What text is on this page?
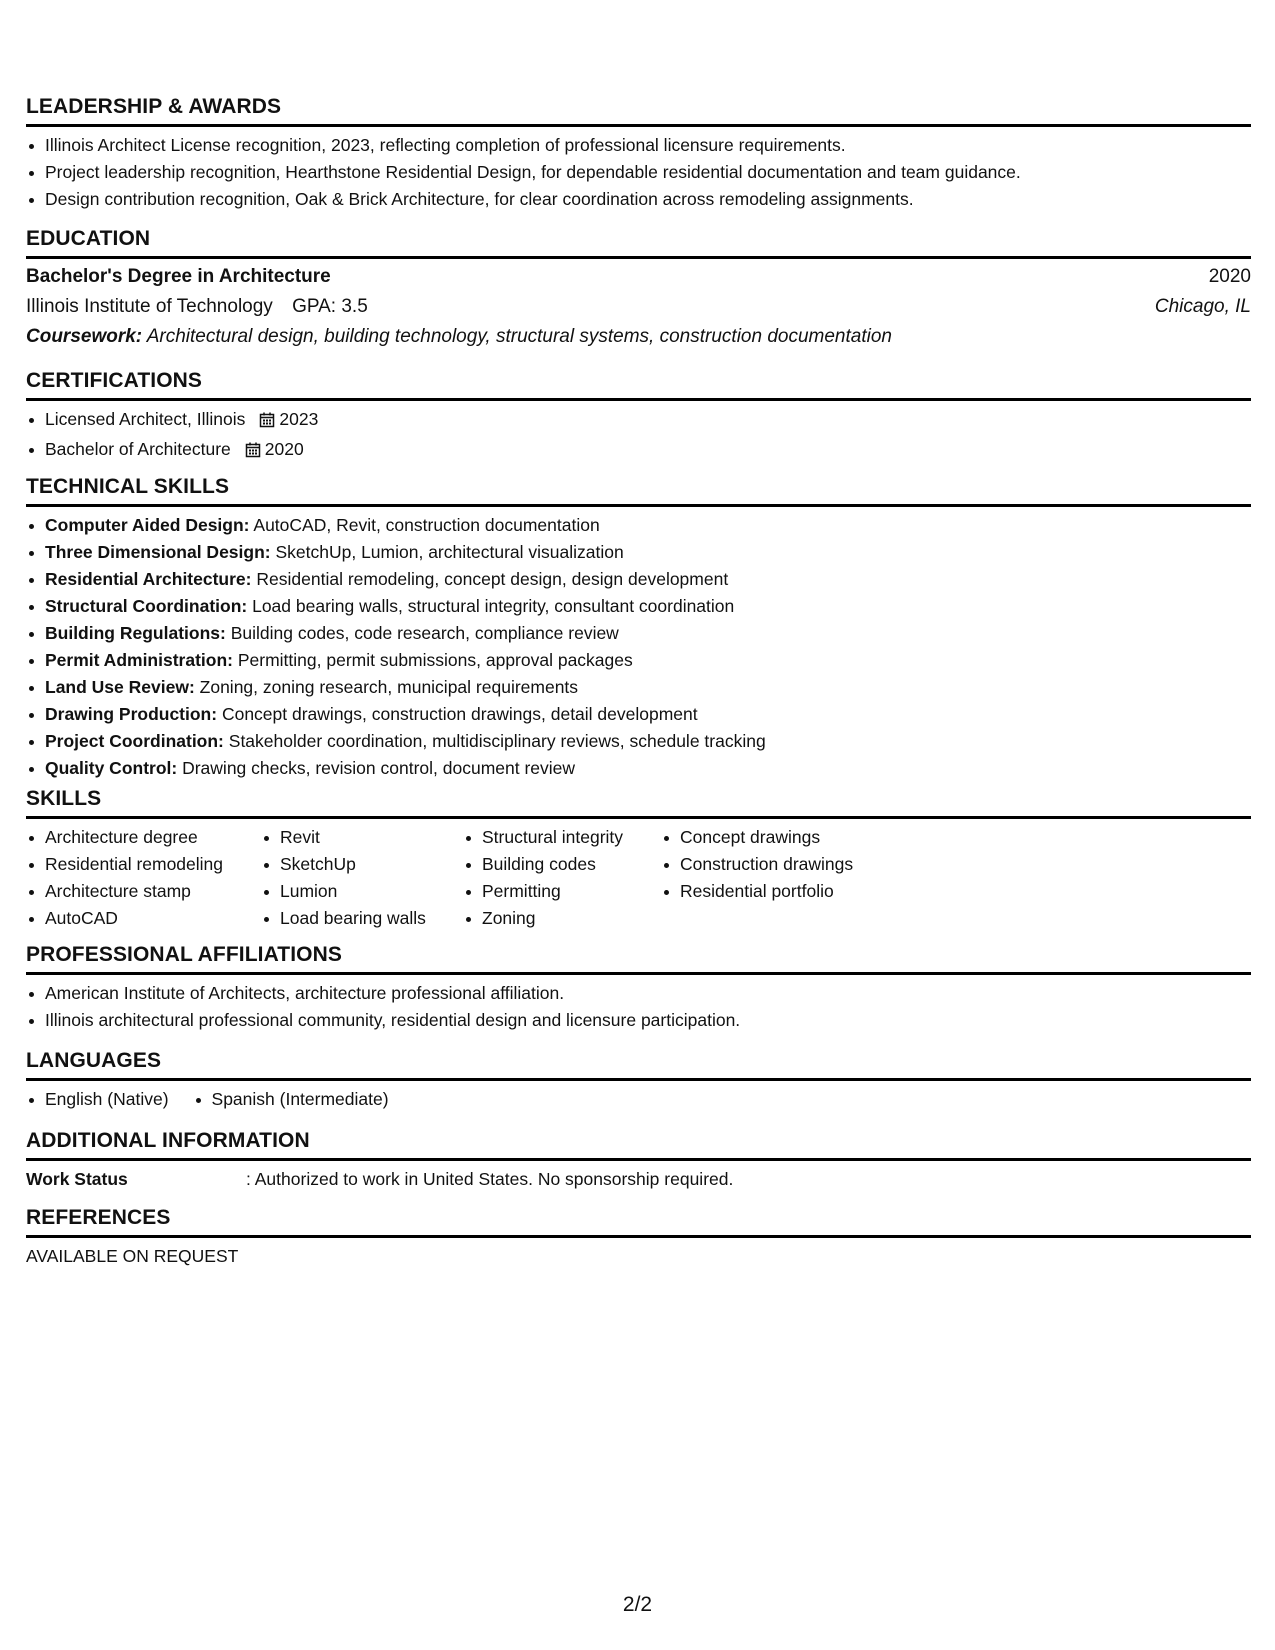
LEADERSHIP & AWARDS
Illinois Architect License recognition, 2023, reflecting completion of professional licensure requirements.
Project leadership recognition, Hearthstone Residential Design, for dependable residential documentation and team guidance.
Design contribution recognition, Oak & Brick Architecture, for clear coordination across remodeling assignments.
EDUCATION
Bachelor's Degree in Architecture	2020
Illinois Institute of Technology GPA: 3.5	Chicago, IL
Coursework: Architectural design, building technology, structural systems, construction documentation
CERTIFICATIONS
Licensed Architect, Illinois 2023
Bachelor of Architecture 2020
TECHNICAL SKILLS
Computer Aided Design: AutoCAD, Revit, construction documentation
Three Dimensional Design: SketchUp, Lumion, architectural visualization
Residential Architecture: Residential remodeling, concept design, design development
Structural Coordination: Load bearing walls, structural integrity, consultant coordination
Building Regulations: Building codes, code research, compliance review
Permit Administration: Permitting, permit submissions, approval packages
Land Use Review: Zoning, zoning research, municipal requirements
Drawing Production: Concept drawings, construction drawings, detail development
Project Coordination: Stakeholder coordination, multidisciplinary reviews, schedule tracking
Quality Control: Drawing checks, revision control, document review
SKILLS
Architecture degree
Residential remodeling
Architecture stamp
AutoCAD
Revit
SketchUp
Lumion
Load bearing walls
Structural integrity
Building codes
Permitting
Zoning
Concept drawings
Construction drawings
Residential portfolio
PROFESSIONAL AFFILIATIONS
American Institute of Architects, architecture professional affiliation.
Illinois architectural professional community, residential design and licensure participation.
LANGUAGES
English (Native)	Spanish (Intermediate)
ADDITIONAL INFORMATION
Work Status	: Authorized to work in United States. No sponsorship required.
REFERENCES
AVAILABLE ON REQUEST
2/2
